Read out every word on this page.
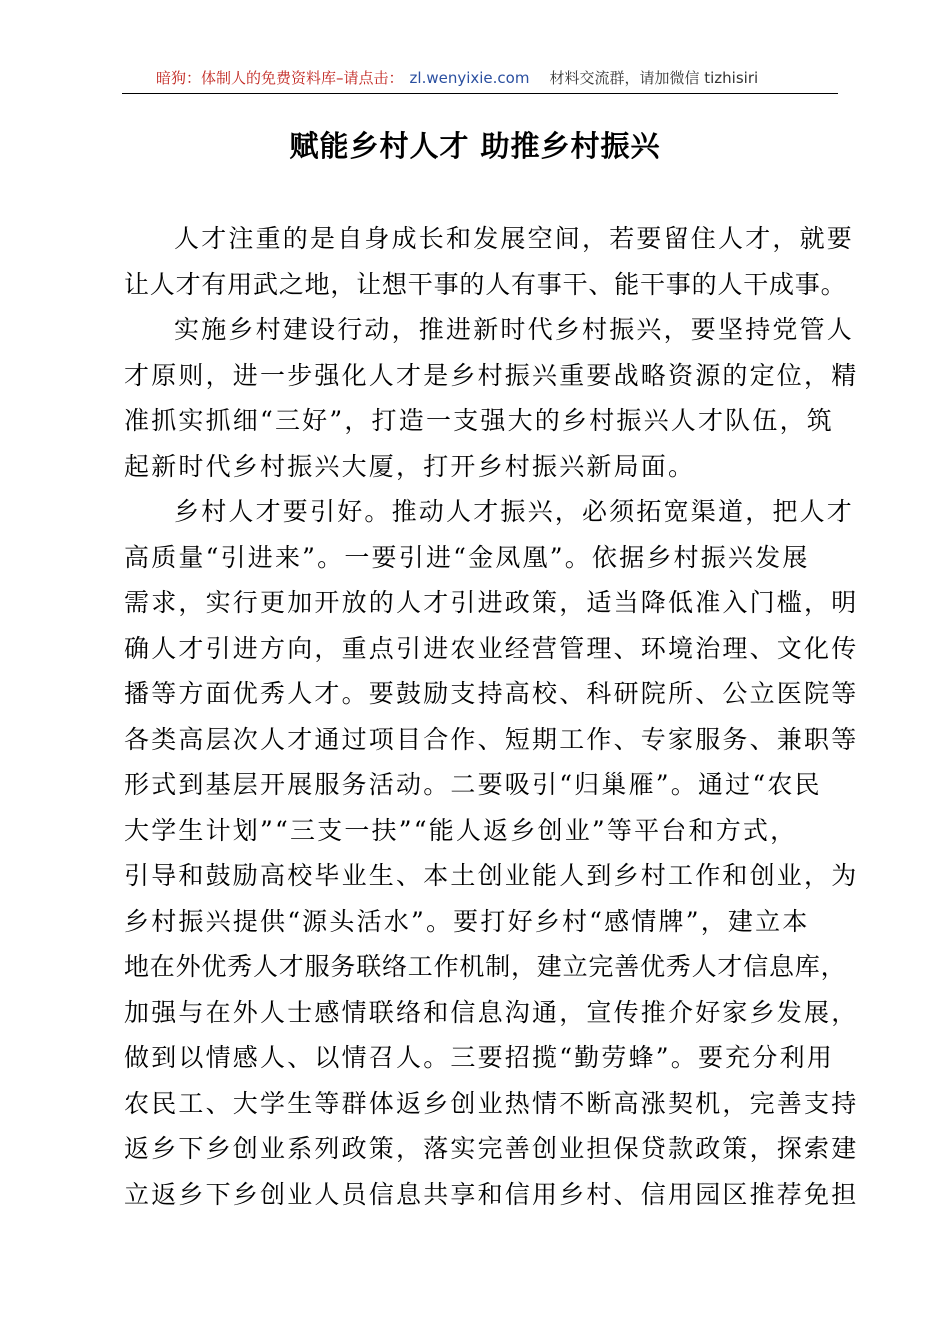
暗狗：体制人的免费资料库–请点击： zl.wenyixie.com 材料交流群，请加微信 tizhisiri
赋能乡村人才 助推乡村振兴
人才注重的是自身成长和发展空间，若要留住人才，就要
让人才有用武之地，让想干事的人有事干、能干事的人干成事。
实施乡村建设行动，推进新时代乡村振兴，要坚持党管人
才原则，进一步强化人才是乡村振兴重要战略资源的定位，精
准抓实抓细“三好”，打造一支强大的乡村振兴人才队伍，筑
起新时代乡村振兴大厦，打开乡村振兴新局面。
乡村人才要引好。推动人才振兴，必须拓宽渠道，把人才
高质量“引进来”。一要引进“金凤凰”。依据乡村振兴发展
需求，实行更加开放的人才引进政策，适当降低准入门槛，明
确人才引进方向，重点引进农业经营管理、环境治理、文化传
播等方面优秀人才。要鼓励支持高校、科研院所、公立医院等
各类高层次人才通过项目合作、短期工作、专家服务、兼职等
形式到基层开展服务活动。二要吸引“归巢雁”。通过“农民
大学生计划”“三支一扶”“能人返乡创业”等平台和方式，
引导和鼓励高校毕业生、本土创业能人到乡村工作和创业，为
乡村振兴提供“源头活水”。要打好乡村“感情牌”，建立本
地在外优秀人才服务联络工作机制，建立完善优秀人才信息库，
加强与在外人士感情联络和信息沟通，宣传推介好家乡发展，
做到以情感人、以情召人。三要招揽“勤劳蜂”。要充分利用
农民工、大学生等群体返乡创业热情不断高涨契机，完善支持
返乡下乡创业系列政策，落实完善创业担保贷款政策，探索建
立返乡下乡创业人员信息共享和信用乡村、信用园区推荐免担
